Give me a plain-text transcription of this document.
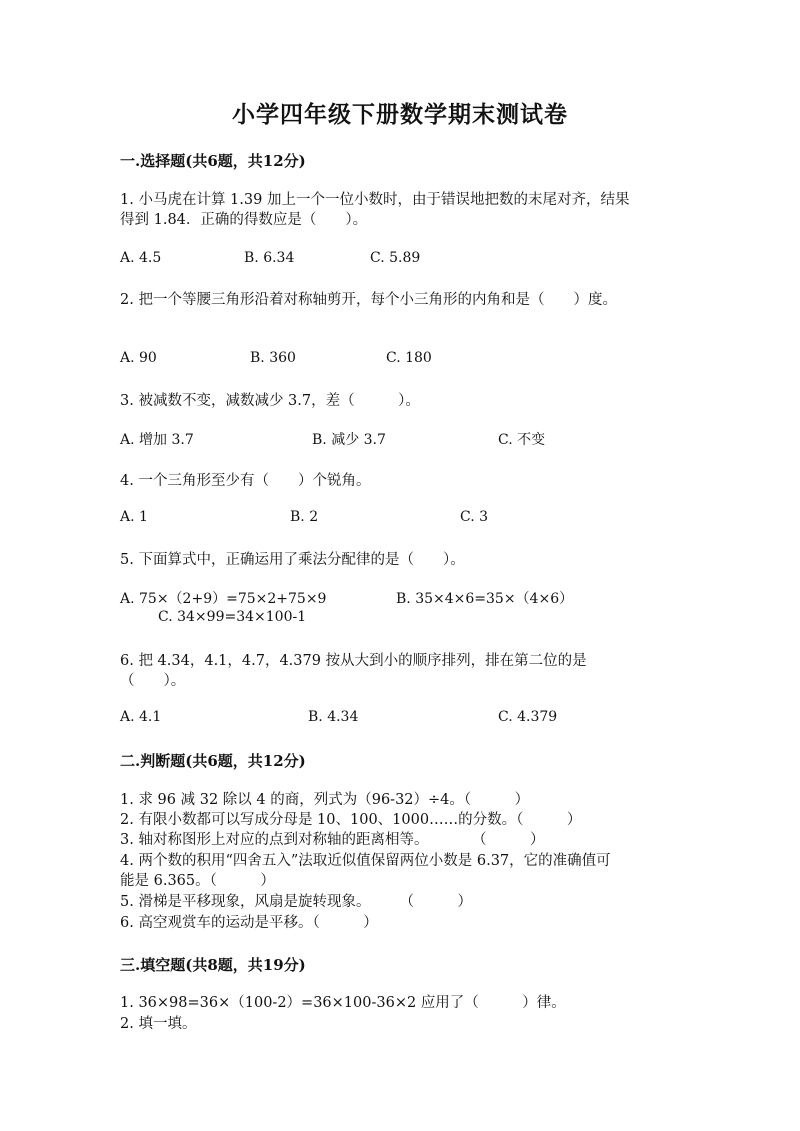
小学四年级下册数学期末测试卷
一.选择题(共6题，共12分)
1. 小马虎在计算 1.39 加上一个一位小数时，由于错误地把数的末尾对齐，结果
得到 1.84．正确的得数应是（　　）。
A. 4.5	B. 6.34	C. 5.89
2. 把一个等腰三角形沿着对称轴剪开，每个小三角形的内角和是（　　）度。
A. 90	B. 360	C. 180
3. 被减数不变，减数减少 3.7，差（　　　）。
A. 增加 3.7	B. 减少 3.7	C. 不变
4. 一个三角形至少有（　　）个锐角。
A. 1	B. 2	C. 3
5. 下面算式中，正确运用了乘法分配律的是（　　）。
A. 75×（2+9）=75×2+75×9	B. 35×4×6=35×（4×6）
C. 34×99=34×100-1
6. 把 4.34，4.1，4.7，4.379 按从大到小的顺序排列，排在第二位的是
（　　）。
A. 4.1	B. 4.34	C. 4.379
二.判断题(共6题，共12分)
1. 求 96 减 32 除以 4 的商，列式为（96-32）÷4。（　　　）
2. 有限小数都可以写成分母是 10、100、1000……的分数。（　　　）
3. 轴对称图形上对应的点到对称轴的距离相等。　　　　（　　　）
4. 两个数的积用“四舍五入”法取近似值保留两位小数是 6.37，它的准确值可
能是 6.365。（　　　）
5. 滑梯是平移现象，风扇是旋转现象。　　　（　　　）
6. 高空观赏车的运动是平移。（　　　）
三.填空题(共8题，共19分)
1. 36×98=36×（100-2）=36×100-36×2 应用了（　　　）律。
2. 填一填。
